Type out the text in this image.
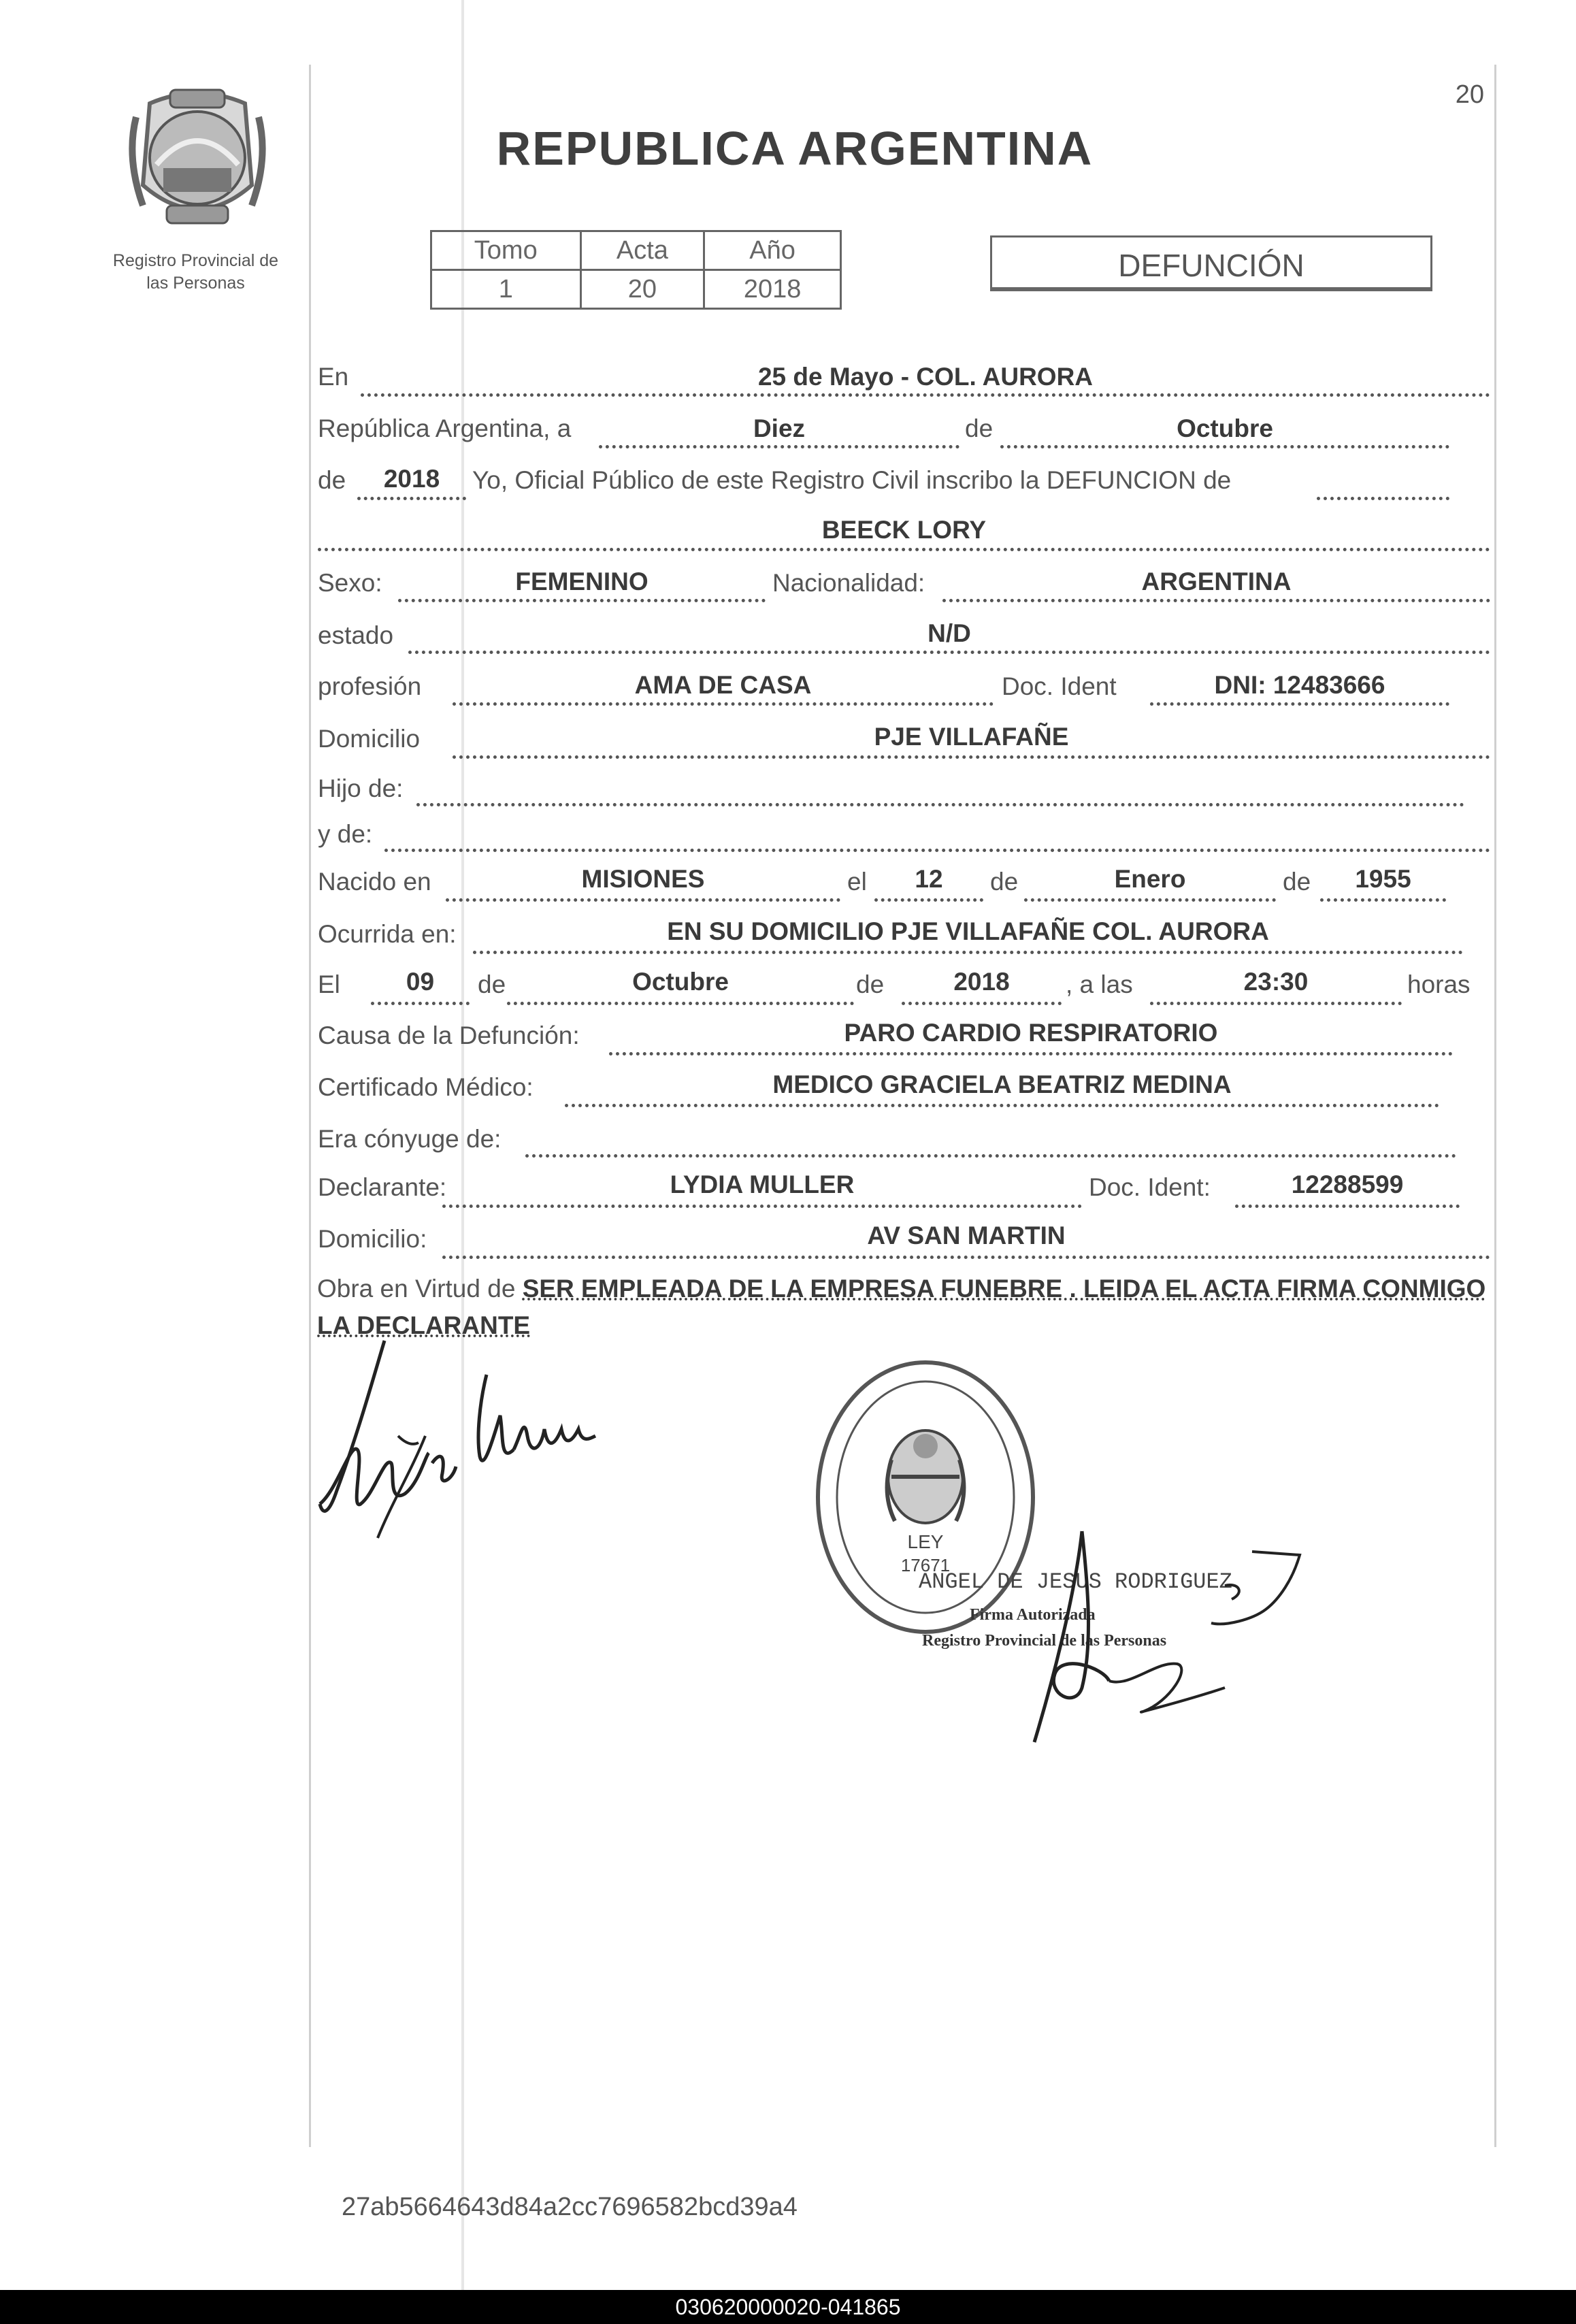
20
Registro Provincial de
las Personas
REPUBLICA ARGENTINA
Tomo	Acta	Año
1	20	2018
DEFUNCIÓN
En	25 de Mayo - COL. AURORA
República Argentina, a	Diez	de	Octubre
de	2018	Yo, Oficial Público de este Registro Civil inscribo la DEFUNCION de
BEECK LORY
Sexo:	FEMENINO	Nacionalidad:	ARGENTINA
estado	N/D
profesión	AMA DE CASA	Doc. Ident	DNI: 12483666
Domicilio	PJE VILLAFAÑE
Hijo de:
y de:
Nacido en	MISIONES	el	12	de	Enero	de	1955
Ocurrida en:	EN SU DOMICILIO PJE VILLAFAÑE COL. AURORA
El	09	de	Octubre	de	2018	, a las	23:30	horas
Causa de la Defunción:	PARO CARDIO RESPIRATORIO
Certificado Médico:	MEDICO GRACIELA BEATRIZ MEDINA
Era cónyuge de:
Declarante:	LYDIA MULLER	Doc. Ident:	12288599
Domicilio:	AV SAN MARTIN
Obra en Virtud de SER EMPLEADA DE LA EMPRESA FUNEBRE . LEIDA EL ACTA FIRMA CONMIGO LA DECLARANTE
LEY
17671
ANGEL DE JESUS RODRIGUEZ
Firma Autorizada
Registro Provincial de las Personas
27ab5664643d84a2cc7696582bcd39a4
030620000020-041865
